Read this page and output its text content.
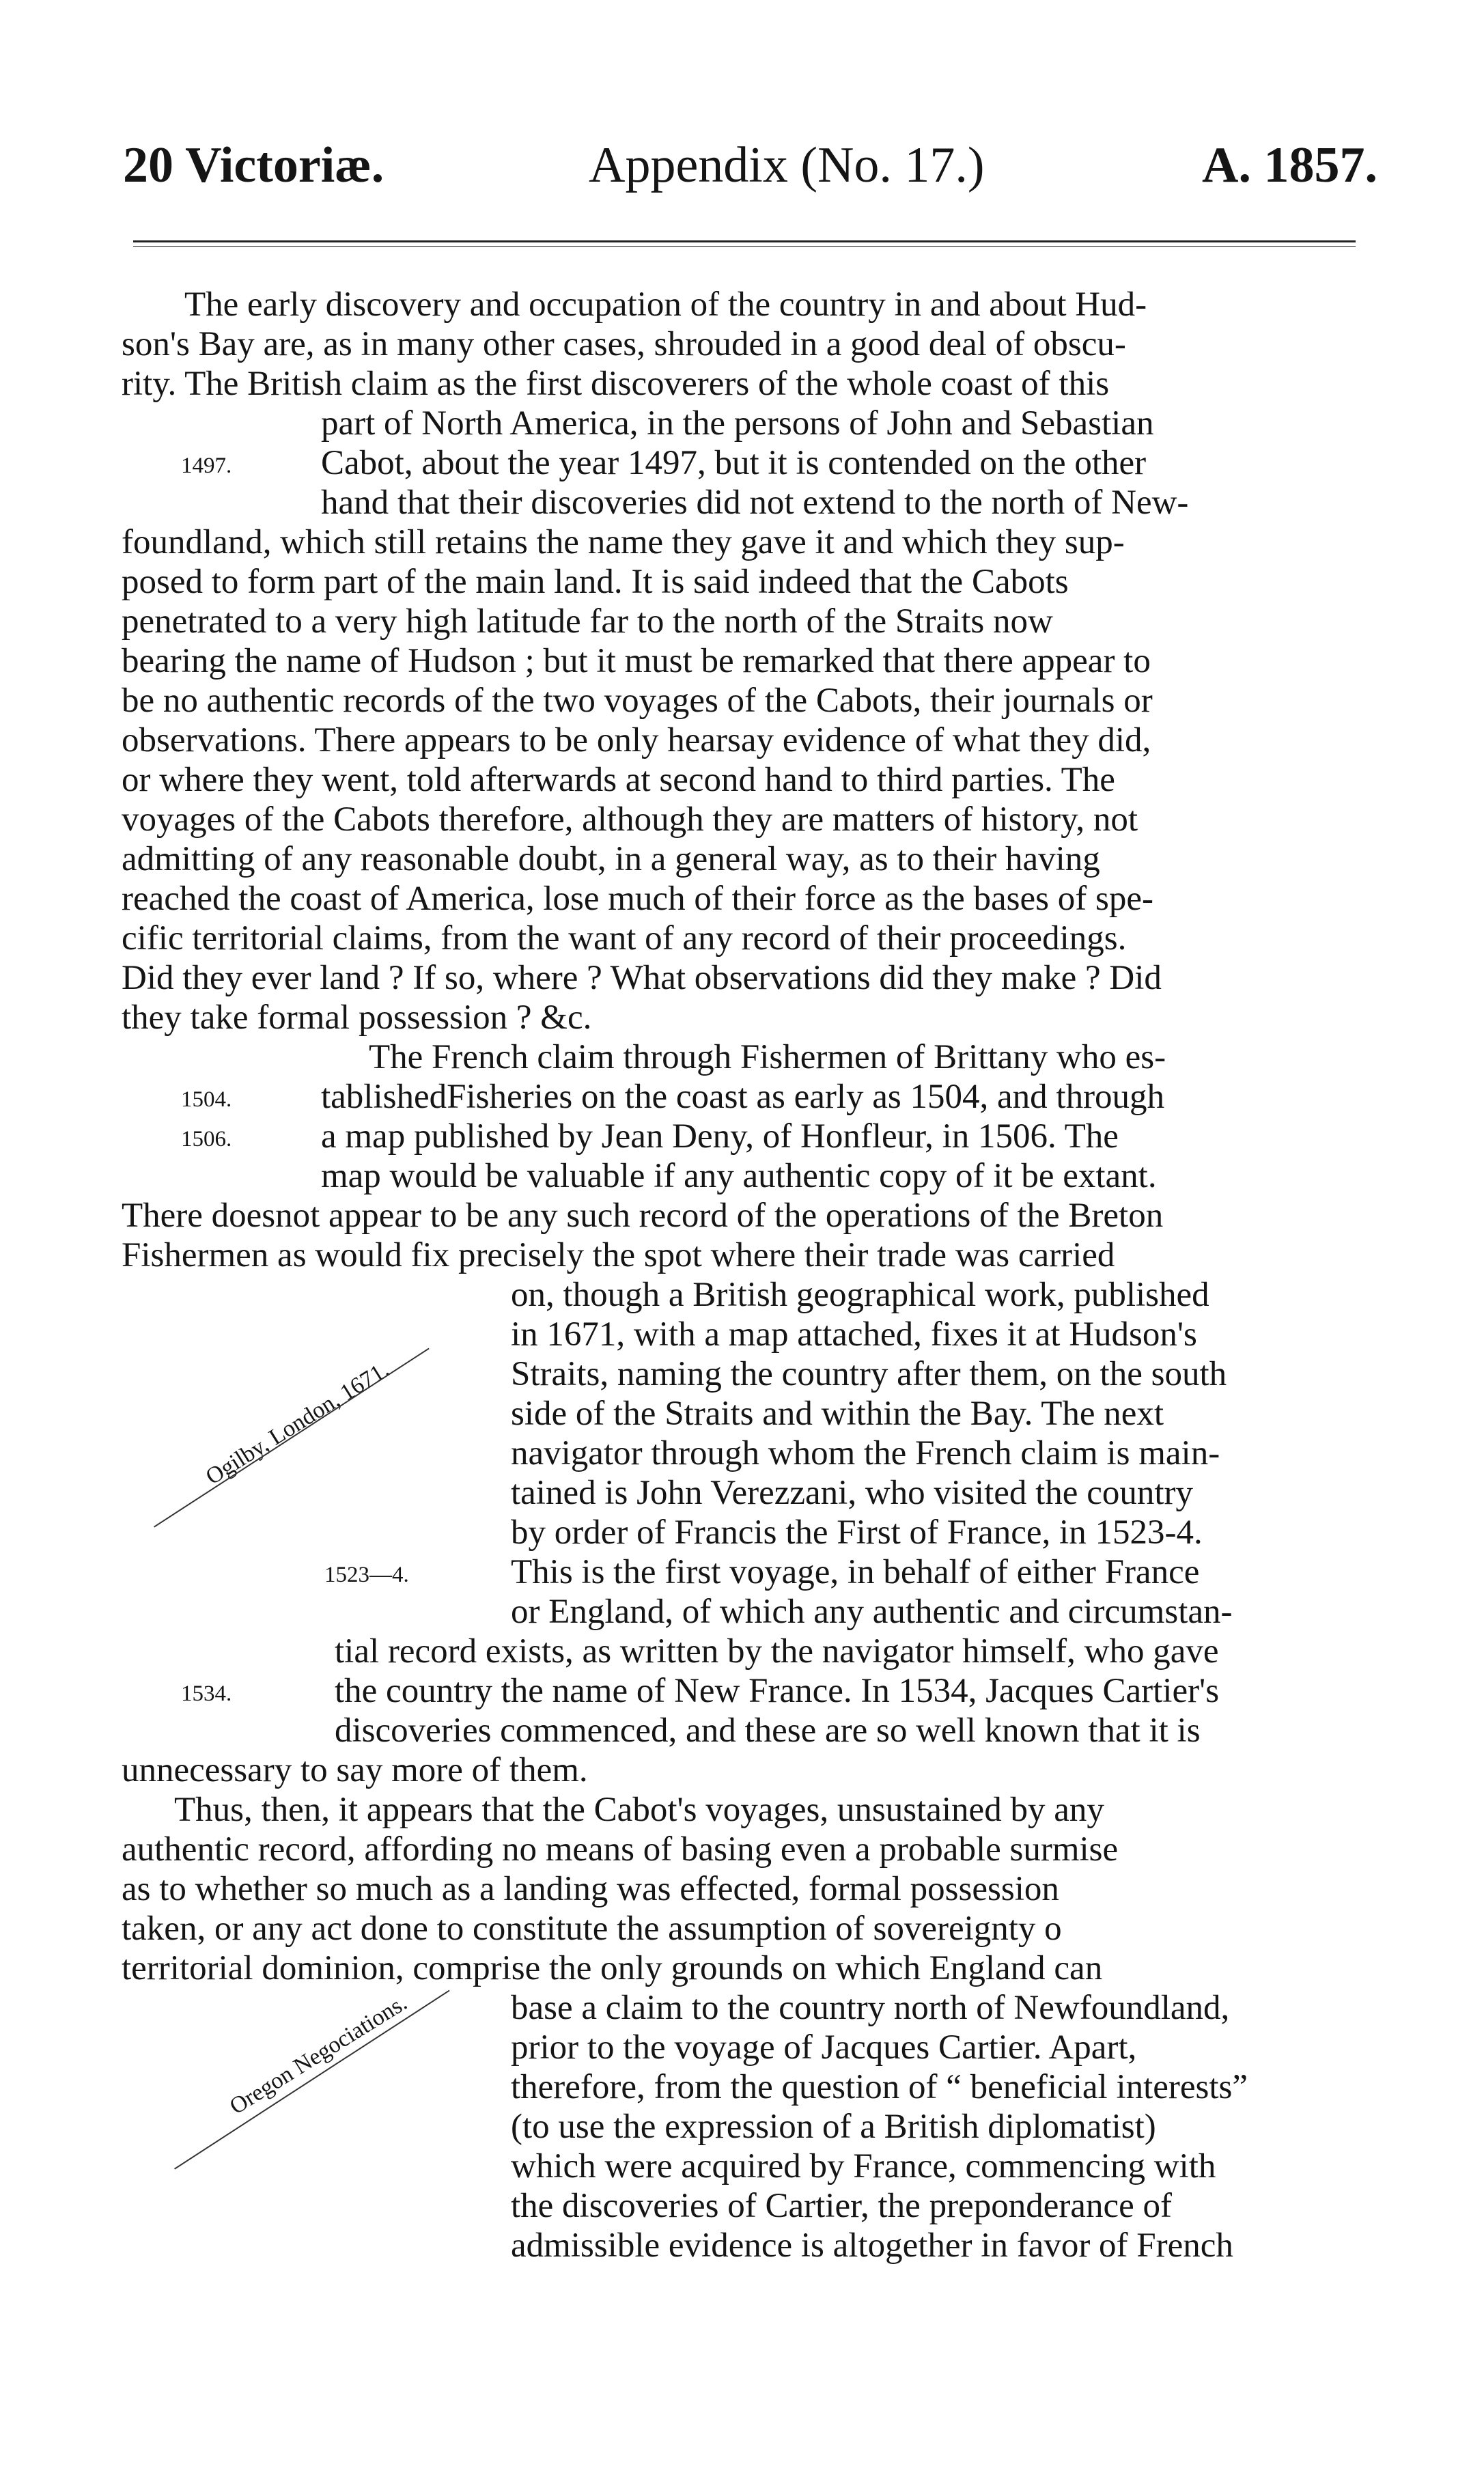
20 Victoriæ.	Appendix (No. 17.)	A. 1857.
The early discovery and occupation of the country in and about Hud-
son's Bay are, as in many other cases, shrouded in a good deal of obscu-
rity. The British claim as the first discoverers of the whole coast of this
part of North America, in the persons of John and Sebastian
Cabot, about the year 1497, but it is contended on the other
hand that their discoveries did not extend to the north of New-
foundland, which still retains the name they gave it and which they sup-
posed to form part of the main land. It is said indeed that the Cabots
penetrated to a very high latitude far to the north of the Straits now
bearing the name of Hudson ; but it must be remarked that there appear to
be no authentic records of the two voyages of the Cabots, their journals or
observations. There appears to be only hearsay evidence of what they did,
or where they went, told afterwards at second hand to third parties. The
voyages of the Cabots therefore, although they are matters of history, not
admitting of any reasonable doubt, in a general way, as to their having
reached the coast of America, lose much of their force as the bases of spe-
cific territorial claims, from the want of any record of their proceedings.
Did they ever land ? If so, where ? What observations did they make ? Did
they take formal possession ? &c.
The French claim through Fishermen of Brittany who es-
tablishedFisheries on the coast as early as 1504, and through
a map published by Jean Deny, of Honfleur, in 1506. The
map would be valuable if any authentic copy of it be extant.
There doesnot appear to be any such record of the operations of the Breton
Fishermen as would fix precisely the spot where their trade was carried
on, though a British geographical work, published
in 1671, with a map attached, fixes it at Hudson's
Straits, naming the country after them, on the south
side of the Straits and within the Bay. The next
navigator through whom the French claim is main-
tained is John Verezzani, who visited the country
by order of Francis the First of France, in 1523-4.
This is the first voyage, in behalf of either France
or England, of which any authentic and circumstan-
tial record exists, as written by the navigator himself, who gave
the country the name of New France. In 1534, Jacques Cartier's
discoveries commenced, and these are so well known that it is
unnecessary to say more of them.
Thus, then, it appears that the Cabot's voyages, unsustained by any
authentic record, affording no means of basing even a probable surmise
as to whether so much as a landing was effected, formal possession
taken, or any act done to constitute the assumption of sovereignty o
territorial dominion, comprise the only grounds on which England can
base a claim to the country north of Newfoundland,
prior to the voyage of Jacques Cartier. Apart,
therefore, from the question of “ beneficial interests”
(to use the expression of a British diplomatist)
which were acquired by France, commencing with
the discoveries of Cartier, the preponderance of
admissible evidence is altogether in favor of French
1497.
1504.
1506.
1523—4.
1534.
Ogilby, London, 1671.
Oregon Negociations.
